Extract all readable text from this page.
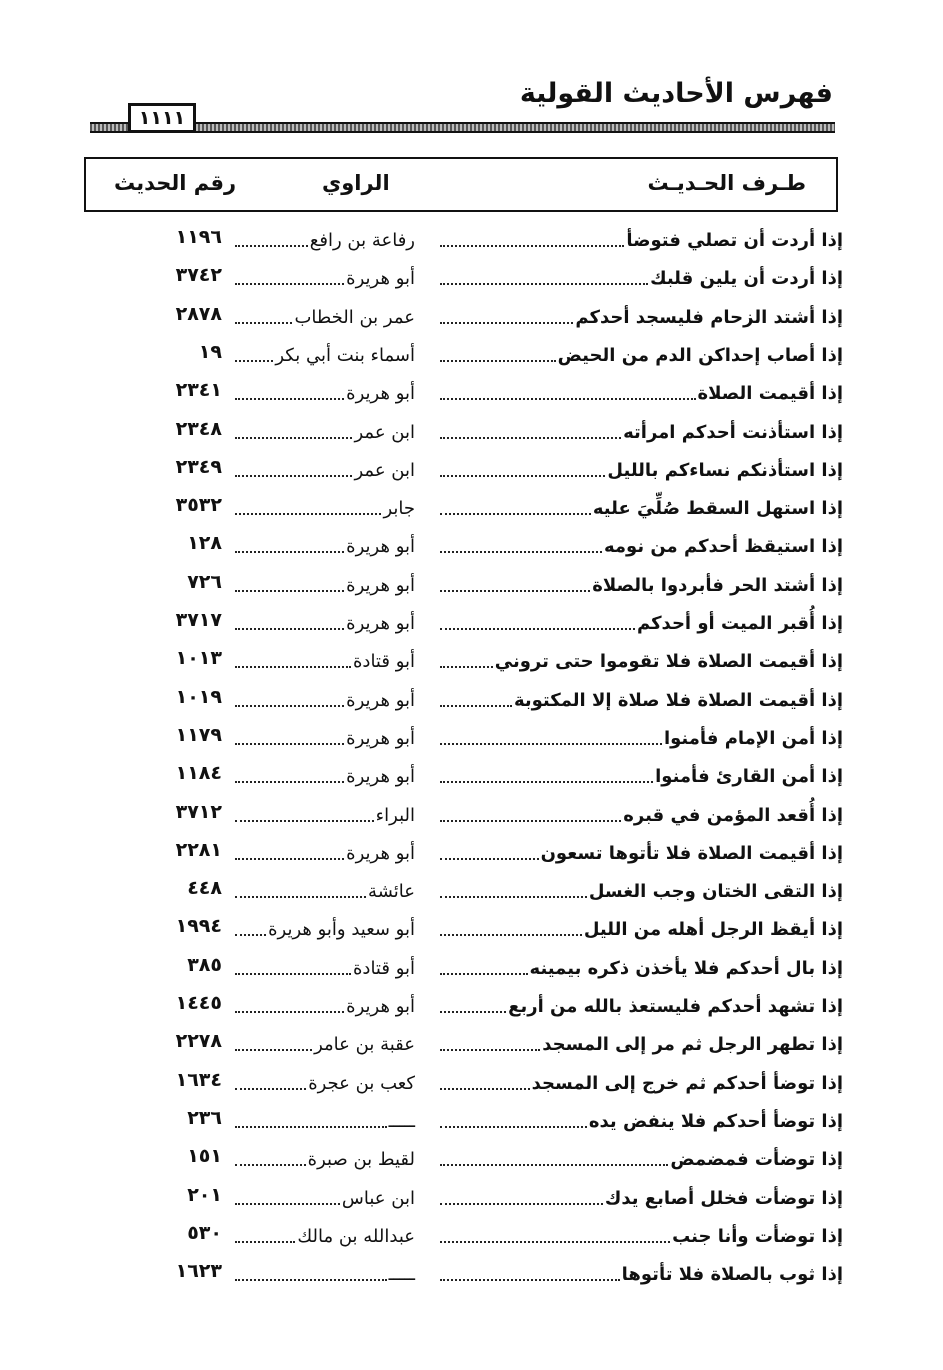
فهرس الأحاديث القولية
١١١١
طـرف الحـديـث
الراوي
رقم الحديث
إذا أردت أن تصلي فتوضأ
رفاعة بن رافع
١١٩٦
إذا أردت أن يلين قلبك
أبو هريرة
٣٧٤٢
إذا أشتد الزحام فليسجد أحدكم
عمر بن الخطاب
٢٨٧٨
إذا أصاب إحداكن الدم من الحيض
أسماء بنت أبي بكر
١٩
إذا أقيمت الصلاة
أبو هريرة
٢٣٤١
إذا استأذنت أحدكم امرأته
ابن عمر
٢٣٤٨
إذا استأذنكم نساءكم بالليل
ابن عمر
٢٣٤٩
إذا استهل السقط صُلِّيَ عليه
جابر
٣٥٣٢
إذا استيقظ أحدكم من نومه
أبو هريرة
١٢٨
إذا أشتد الحر فأبردوا بالصلاة
أبو هريرة
٧٢٦
إذا أُقبر الميت أو أحدكم
أبو هريرة
٣٧١٧
إذا أقيمت الصلاة فلا تقوموا حتى تروني
أبو قتادة
١٠١٣
إذا أقيمت الصلاة فلا صلاة إلا المكتوبة
أبو هريرة
١٠١٩
إذا أمن الإمام فأمنوا
أبو هريرة
١١٧٩
إذا أمن القارئ فأمنوا
أبو هريرة
١١٨٤
إذا أُقعد المؤمن في قبره
البراء
٣٧١٢
إذا أقيمت الصلاة فلا تأتوها تسعون
أبو هريرة
٢٢٨١
إذا التقى الختان وجب الغسل
عائشة
٤٤٨
إذا أيقظ الرجل أهله من الليل
أبو سعيد وأبو هريرة
١٩٩٤
إذا بال أحدكم فلا يأخذن ذكره بيمينه
أبو قتادة
٣٨٥
إذا تشهد أحدكم فليستعذ بالله من أربع
أبو هريرة
١٤٤٥
إذا تطهر الرجل ثم مر إلى المسجد
عقبة بن عامر
٢٢٧٨
إذا توضأ أحدكم ثم خرج إلى المسجد
كعب بن عجرة
١٦٣٤
إذا توضأ أحدكم فلا ينفض يده
ـــــ
٢٣٦
إذا توضأت فمضمض
لقيط بن صبرة
١٥١
إذا توضأت فخلل أصابع يدك
ابن عباس
٢٠١
إذا توضأت وأنا جنب
عبدالله بن مالك
٥٣٠
إذا ثوب بالصلاة فلا تأتوها
ـــــ
١٦٢٣
